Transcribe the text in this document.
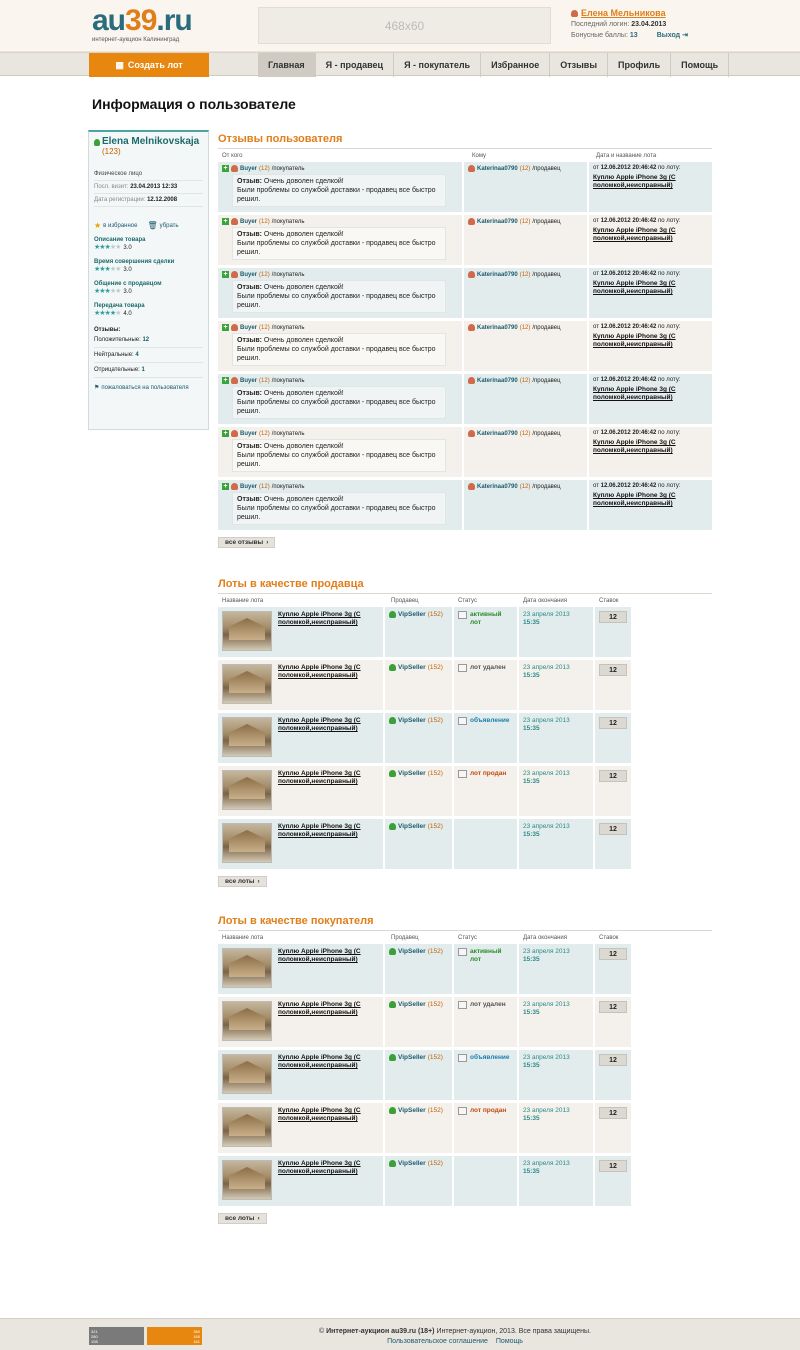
au39.ru
интернет-аукцион Калининград
468x60
Елена Мельникова
Последний логин: 23.04.2013
Бонусные баллы: 13	Выход ⇥
▦ Создать лот	Главная	Я - продавец	Я - покупатель	Избранное	Отзывы	Профиль	Помощь
Информация о пользователе
Elena Melnikovskaja (123)
Физическое лицо
Посл. визит: 23.04.2013 12:33
Дата регистрации: 12.12.2008
★ в избранное 🗑 убрать
Описание товара
★★★★★ 3.0
Время совершения сделки
★★★★★ 3.0
Общение с продавцом
★★★★★ 3.0
Передача товара
★★★★★ 4.0
Отзывы:
Положительные: 12
Нейтральные: 4
Отрицательные: 1
⚑ пожаловаться на пользователя
Отзывы пользователя
От кого	Кому	Дата и название лота
+ Buyer (12) /покупатель
Отзыв: Очень доволен сделкой!
Были проблемы со службой доставки - продавец все быстро решил.
Katerinaa0790 (12) /продавец	от 12.06.2012 20:46:42 по лоту:
Куплю Apple iPhone 3g (С поломкой,неисправный)
+ Buyer (12) /покупатель
Отзыв: Очень доволен сделкой!
Были проблемы со службой доставки - продавец все быстро решил.
Katerinaa0790 (12) /продавец	от 12.06.2012 20:46:42 по лоту:
Куплю Apple iPhone 3g (С поломкой,неисправный)
+ Buyer (12) /покупатель
Отзыв: Очень доволен сделкой!
Были проблемы со службой доставки - продавец все быстро решил.
Katerinaa0790 (12) /продавец	от 12.06.2012 20:46:42 по лоту:
Куплю Apple iPhone 3g (С поломкой,неисправный)
+ Buyer (12) /покупатель
Отзыв: Очень доволен сделкой!
Были проблемы со службой доставки - продавец все быстро решил.
Katerinaa0790 (12) /продавец	от 12.06.2012 20:46:42 по лоту:
Куплю Apple iPhone 3g (С поломкой,неисправный)
+ Buyer (12) /покупатель
Отзыв: Очень доволен сделкой!
Были проблемы со службой доставки - продавец все быстро решил.
Katerinaa0790 (12) /продавец	от 12.06.2012 20:46:42 по лоту:
Куплю Apple iPhone 3g (С поломкой,неисправный)
+ Buyer (12) /покупатель
Отзыв: Очень доволен сделкой!
Были проблемы со службой доставки - продавец все быстро решил.
Katerinaa0790 (12) /продавец	от 12.06.2012 20:46:42 по лоту:
Куплю Apple iPhone 3g (С поломкой,неисправный)
+ Buyer (12) /покупатель
Отзыв: Очень доволен сделкой!
Были проблемы со службой доставки - продавец все быстро решил.
Katerinaa0790 (12) /продавец	от 12.06.2012 20:46:42 по лоту:
Куплю Apple iPhone 3g (С поломкой,неисправный)
все отзывы ›
Лоты в качестве продавца
Название лота	Продавец	Статус	Дата окончания	Ставок
Куплю Apple iPhone 3g (С поломкой,неисправный)
VipSeller (152)	активный лот
23 апреля 2013
15:35
12
Куплю Apple iPhone 3g (С поломкой,неисправный)
VipSeller (152)	лот удален	23 апреля 2013
15:35
12
Куплю Apple iPhone 3g (С поломкой,неисправный)
VipSeller (152)	объявление 23 апреля 2013
15:35
12
Куплю Apple iPhone 3g (С поломкой,неисправный)
VipSeller (152)	лот продан	23 апреля 2013
15:35
12
Куплю Apple iPhone 3g (С поломкой,неисправный)
VipSeller (152)	23 апреля 2013
15:35
12
все лоты ›
Лоты в качестве покупателя
Название лота	Продавец	Статус	Дата окончания	Ставок
Куплю Apple iPhone 3g (С поломкой,неисправный)
VipSeller (152)	активный лот
23 апреля 2013
15:35
12
Куплю Apple iPhone 3g (С поломкой,неисправный)
VipSeller (152)	лот удален	23 апреля 2013
15:35
12
Куплю Apple iPhone 3g (С поломкой,неисправный)
VipSeller (152)	объявление 23 апреля 2013
15:35
12
Куплю Apple iPhone 3g (С поломкой,неисправный)
VipSeller (152)	лот продан	23 апреля 2013
15:35
12
Куплю Apple iPhone 3g (С поломкой,неисправный)
VipSeller (152)	23 апреля 2013
15:35
12
все лоты ›
321
280
108
360
166
161
© Интернет-аукцион au39.ru (18+) Интернет-аукцион, 2013. Все права защищены.
Пользовательское соглашение Помощь
